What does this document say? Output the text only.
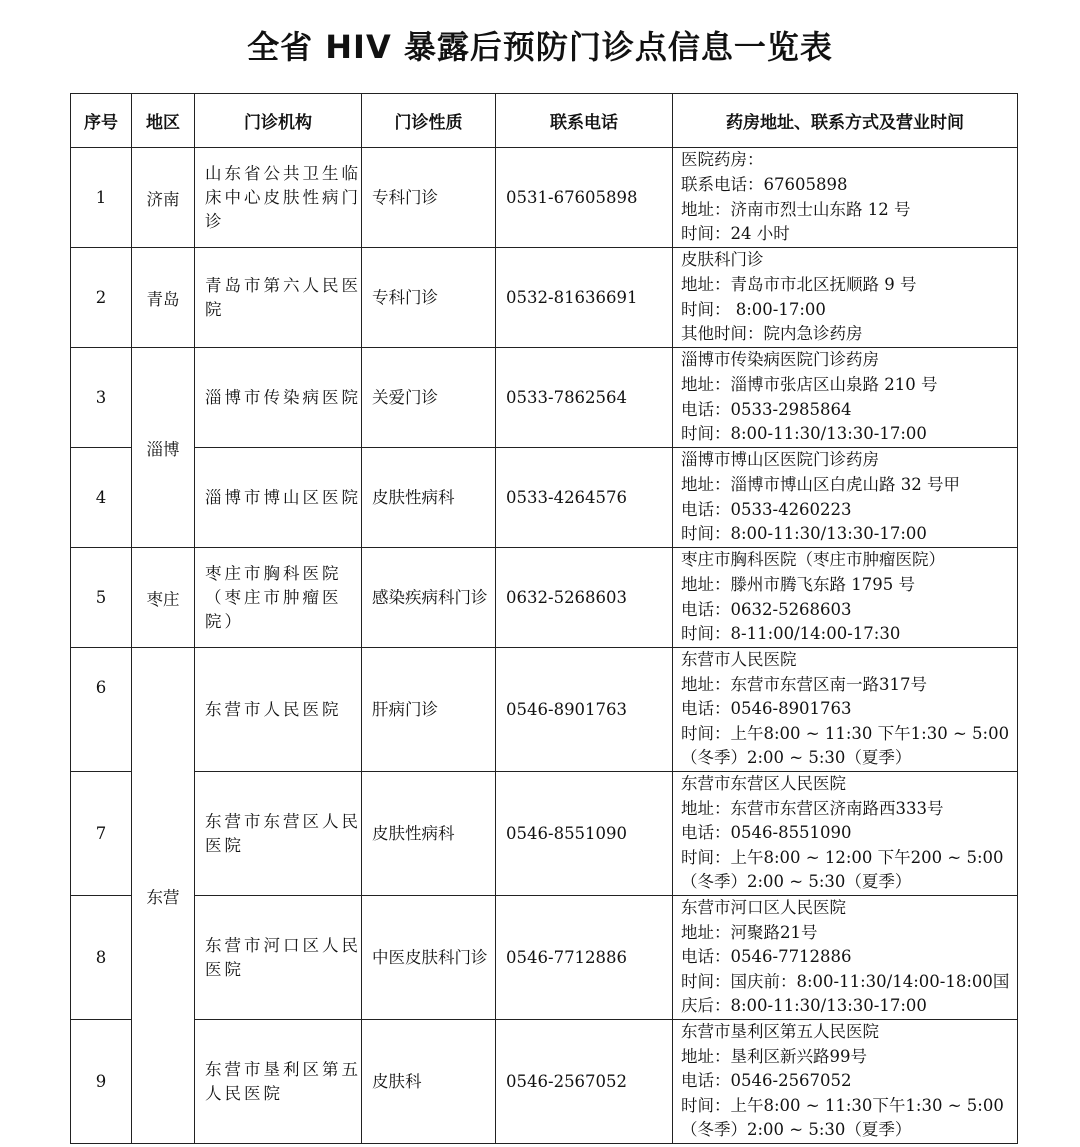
全省 HIV 暴露后预防门诊点信息一览表
序号	地区	门诊机构	门诊性质	联系电话	药房地址、联系方式及营业时间
1	济南	山东省公共卫生临床中心皮肤性病门诊	专科门诊	0531-67605898	医院药房：
联系电话：67605898
地址：济南市烈士山东路 12 号
时间：24 小时

2	青岛	青岛市第六人民医院	专科门诊	0532-81636691	皮肤科门诊
地址：青岛市市北区抚顺路 9 号
时间： 8:00-17:00
其他时间：院内急诊药房

3	淄博	淄博市传染病医院	关爱门诊	0533-7862564	淄博市传染病医院门诊药房
地址：淄博市张店区山泉路 210 号
电话：0533-2985864
时间：8:00-11:30/13:30-17:00

4		淄博市博山区医院	皮肤性病科	0533-4264576	淄博市博山区医院门诊药房
地址：淄博市博山区白虎山路 32 号甲
电话：0533-4260223
时间：8:00-11:30/13:30-17:00

5	枣庄	枣庄市胸科医院（枣庄市肿瘤医院）	感染疾病科门诊	0632-5268603	枣庄市胸科医院（枣庄市肿瘤医院）
地址：滕州市腾飞东路 1795 号
电话：0632-5268603
时间：8-11:00/14:00-17:30

6	东营	东营市人民医院	肝病门诊	0546-8901763	东营市人民医院
地址：东营市东营区南一路317号
电话：0546-8901763
时间：上午8:00 ~ 11:30 下午1:30 ~ 5:00
（冬季）2:00 ~ 5:30（夏季）

7		东营市东营区人民医院	皮肤性病科	0546-8551090	东营市东营区人民医院
地址：东营市东营区济南路西333号
电话：0546-8551090
时间：上午8:00 ~ 12:00 下午200 ~ 5:00
（冬季）2:00 ~ 5:30（夏季）

8		东营市河口区人民医院	中医皮肤科门诊	0546-7712886	东营市河口区人民医院
地址：河聚路21号
电话：0546-7712886
时间：国庆前：8:00-11:30/14:00-18:00国
庆后：8:00-11:30/13:30-17:00

9		东营市垦利区第五人民医院	皮肤科	0546-2567052	东营市垦利区第五人民医院
地址：垦利区新兴路99号
电话：0546-2567052
时间：上午8:00 ~ 11:30下午1:30 ~ 5:00
（冬季）2:00 ~ 5:30（夏季）
